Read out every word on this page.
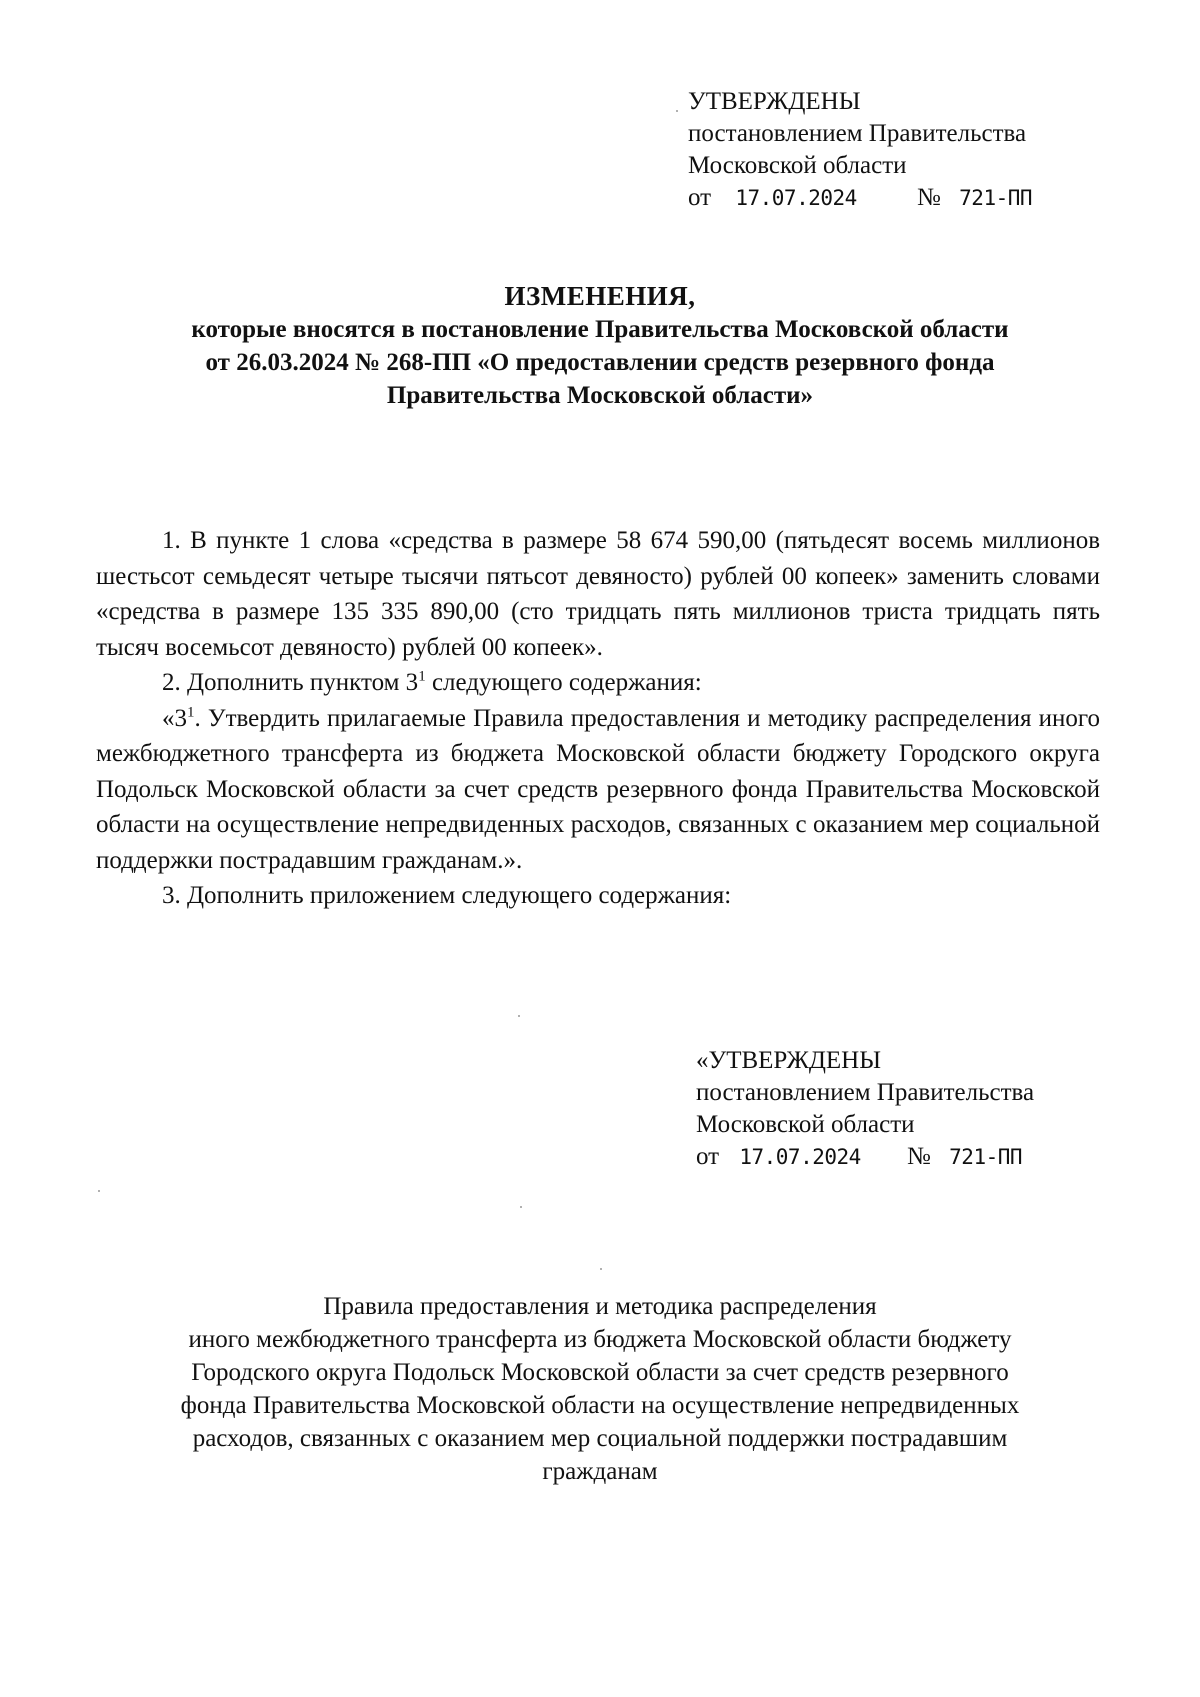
УТВЕРЖДЕНЫ
постановлением Правительства
Московской области
от 17.07.2024 № 721-ПП
ИЗМЕНЕНИЯ,
которые вносятся в постановление Правительства Московской области
от 26.03.2024 № 268-ПП «О предоставлении средств резервного фонда
Правительства Московской области»

1. В пункте 1 слова «средства в размере 58 674 590,00 (пятьдесят восемь миллионов шестьсот семьдесят четыре тысячи пятьсот девяносто) рублей 00 копеек» заменить словами «средства в размере 135 335 890,00 (сто тридцать пять миллионов триста тридцать пять тысяч восемьсот девяносто) рублей 00 копеек».

2. Дополнить пунктом $3^1$ следующего содержания:

«$3^1$. Утвердить прилагаемые Правила предоставления и методику распределения иного межбюджетного трансферта из бюджета Московской области бюджету Городского округа Подольск Московской области за счет средств резервного фонда Правительства Московской области на осуществление непредвиденных расходов, связанных с оказанием мер социальной поддержки пострадавшим гражданам.».

3. Дополнить приложением следующего содержания:

«УТВЕРЖДЕНЫ
постановлением Правительства
Московской области
от 17.07.2024 № 721-ПП
Правила предоставления и методика распределения
иного межбюджетного трансферта из бюджета Московской области бюджету
Городского округа Подольск Московской области за счет средств резервного
фонда Правительства Московской области на осуществление непредвиденных
расходов, связанных с оказанием мер социальной поддержки пострадавшим
гражданам
